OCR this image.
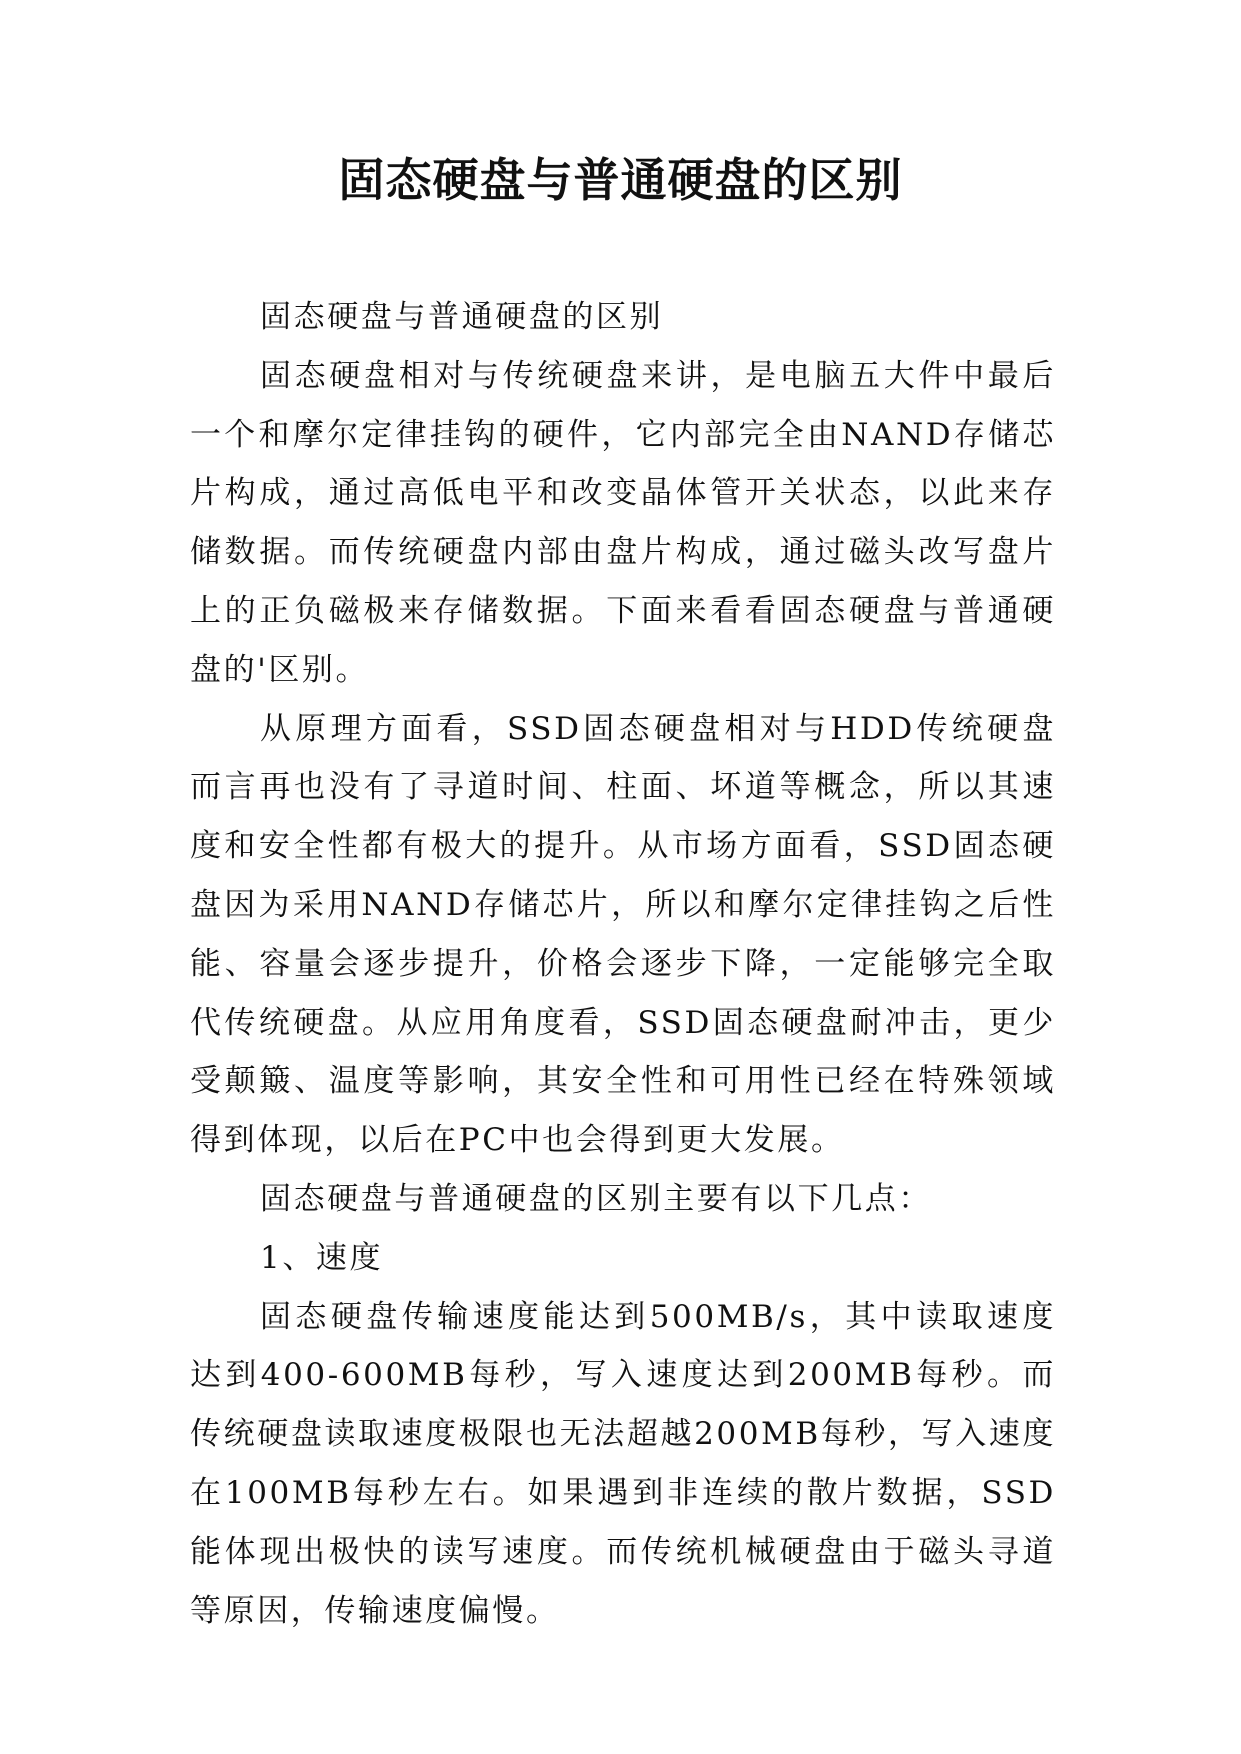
固态硬盘与普通硬盘的区别

固态硬盘与普通硬盘的区别

固态硬盘相对与传统硬盘来讲，是电脑五大件中最后一个和摩尔定律挂钩的硬件，它内部完全由NAND存储芯片构成，通过高低电平和改变晶体管开关状态，以此来存储数据。而传统硬盘内部由盘片构成，通过磁头改写盘片上的正负磁极来存储数据。下面来看看固态硬盘与普通硬盘的'区别。

从原理方面看，SSD固态硬盘相对与HDD传统硬盘而言再也没有了寻道时间、柱面、坏道等概念，所以其速度和安全性都有极大的提升。从市场方面看，SSD固态硬盘因为采用NAND存储芯片，所以和摩尔定律挂钩之后性能、容量会逐步提升，价格会逐步下降，一定能够完全取代传统硬盘。从应用角度看，SSD固态硬盘耐冲击，更少受颠簸、温度等影响，其安全性和可用性已经在特殊领域得到体现，以后在PC中也会得到更大发展。

固态硬盘与普通硬盘的区别主要有以下几点：

1、速度

固态硬盘传输速度能达到500MB/s，其中读取速度达到400-600MB每秒，写入速度达到200MB每秒。而传统硬盘读取速度极限也无法超越200MB每秒，写入速度在100MB每秒左右。如果遇到非连续的散片数据，SSD能体现出极快的读写速度。而传统机械硬盘由于磁头寻道等原因，传输速度偏慢。
